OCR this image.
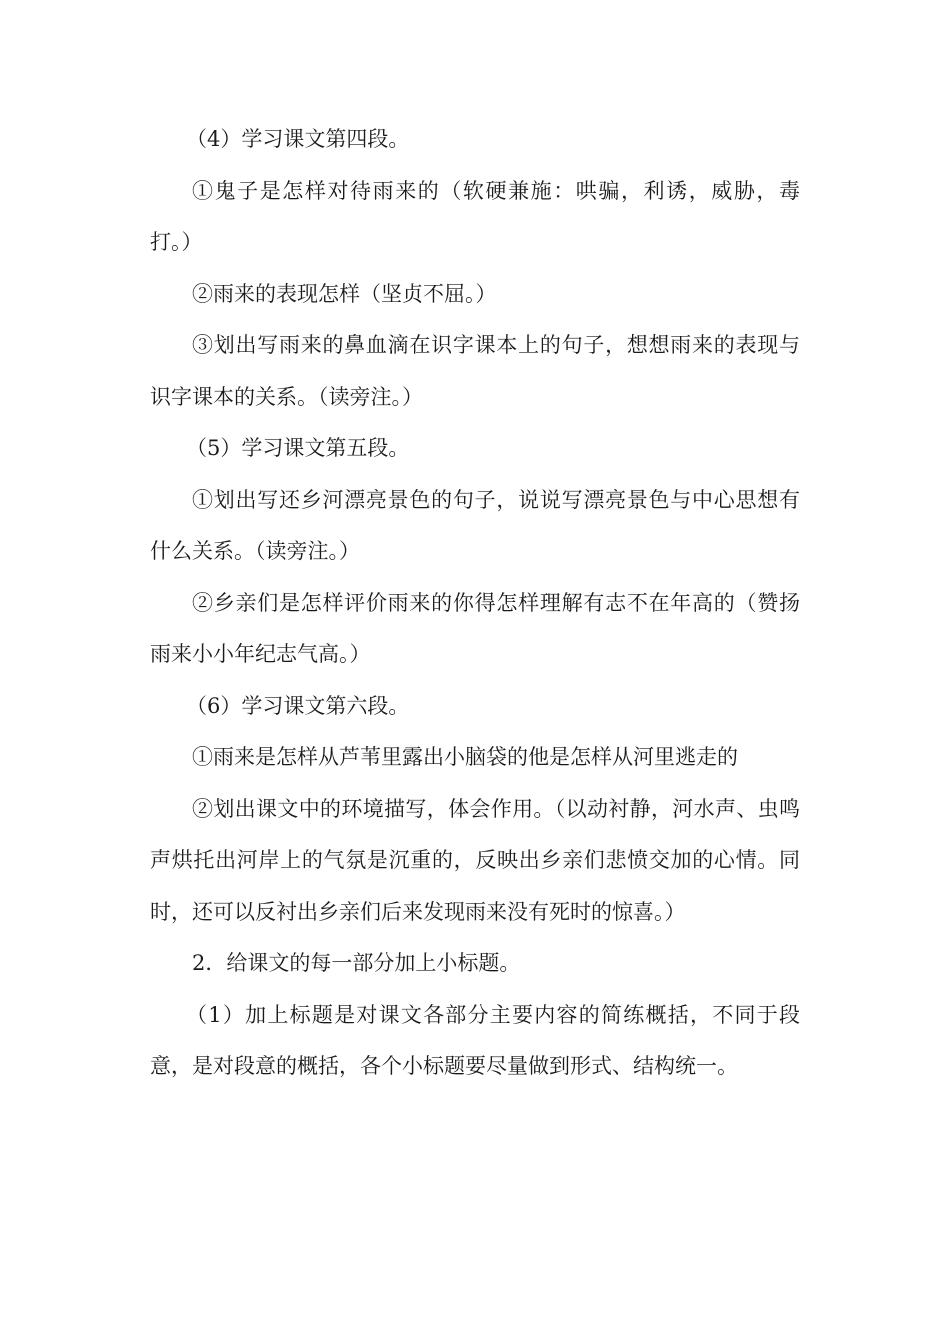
（4）学习课文第四段。

①鬼子是怎样对待雨来的（软硬兼施：哄骗，利诱，威胁，毒打。）

②雨来的表现怎样（坚贞不屈。）

③划出写雨来的鼻血滴在识字课本上的句子，想想雨来的表现与识字课本的关系。（读旁注。）

（5）学习课文第五段。

①划出写还乡河漂亮景色的句子，说说写漂亮景色与中心思想有什么关系。（读旁注。）

②乡亲们是怎样评价雨来的你得怎样理解有志不在年高的（赞扬雨来小小年纪志气高。）

（6）学习课文第六段。

①雨来是怎样从芦苇里露出小脑袋的他是怎样从河里逃走的

②划出课文中的环境描写，体会作用。（以动衬静，河水声、虫鸣声烘托出河岸上的气氛是沉重的，反映出乡亲们悲愤交加的心情。同时，还可以反衬出乡亲们后来发现雨来没有死时的惊喜。）

2．给课文的每一部分加上小标题。

（1）加上标题是对课文各部分主要内容的简练概括，不同于段意，是对段意的概括，各个小标题要尽量做到形式、结构统一。
